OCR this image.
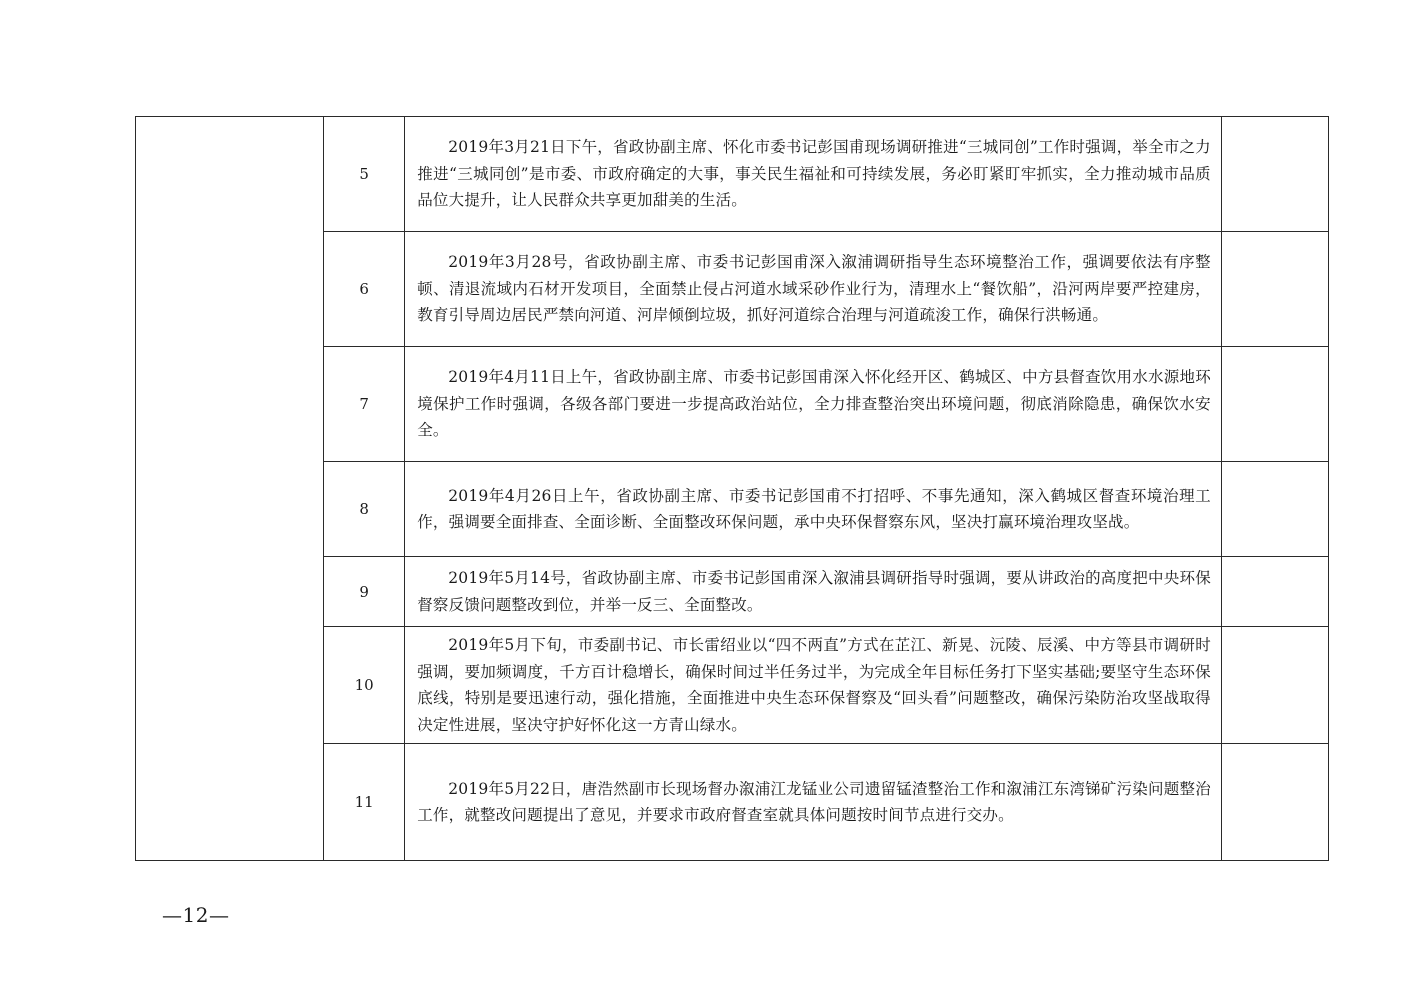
	5	2019年3月21日下午，省政协副主席、怀化市委书记彭国甫现场调研推进“三城同创”工作时强调，举全市之力推进“三城同创”是市委、市政府确定的大事，事关民生福祉和可持续发展，务必盯紧盯牢抓实，全力推动城市品质品位大提升，让人民群众共享更加甜美的生活。	

	6	2019年3月28号，省政协副主席、市委书记彭国甫深入溆浦调研指导生态环境整治工作，强调要依法有序整顿、清退流域内石材开发项目，全面禁止侵占河道水域采砂作业行为，清理水上“餐饮船”，沿河两岸要严控建房，教育引导周边居民严禁向河道、河岸倾倒垃圾，抓好河道综合治理与河道疏浚工作，确保行洪畅通。	

	7	2019年4月11日上午，省政协副主席、市委书记彭国甫深入怀化经开区、鹤城区、中方县督查饮用水水源地环境保护工作时强调，各级各部门要进一步提高政治站位，全力排查整治突出环境问题，彻底消除隐患，确保饮水安全。	

	8	2019年4月26日上午，省政协副主席、市委书记彭国甫不打招呼、不事先通知，深入鹤城区督查环境治理工作，强调要全面排查、全面诊断、全面整改环保问题，承中央环保督察东风，坚决打赢环境治理攻坚战。	

	9	2019年5月14号，省政协副主席、市委书记彭国甫深入溆浦县调研指导时强调，要从讲政治的高度把中央环保督察反馈问题整改到位，并举一反三、全面整改。	

	10	2019年5月下旬，市委副书记、市长雷绍业以“四不两直”方式在芷江、新晃、沅陵、辰溪、中方等县市调研时强调，要加频调度，千方百计稳增长，确保时间过半任务过半，为完成全年目标任务打下坚实基础;要坚守生态环保底线，特别是要迅速行动，强化措施，全面推进中央生态环保督察及“回头看”问题整改，确保污染防治攻坚战取得决定性进展，坚决守护好怀化这一方青山绿水。	

	11	2019年5月22日，唐浩然副市长现场督办溆浦江龙锰业公司遗留锰渣整治工作和溆浦江东湾锑矿污染问题整治工作，就整改问题提出了意见，并要求市政府督查室就具体问题按时间节点进行交办。	

—12—
